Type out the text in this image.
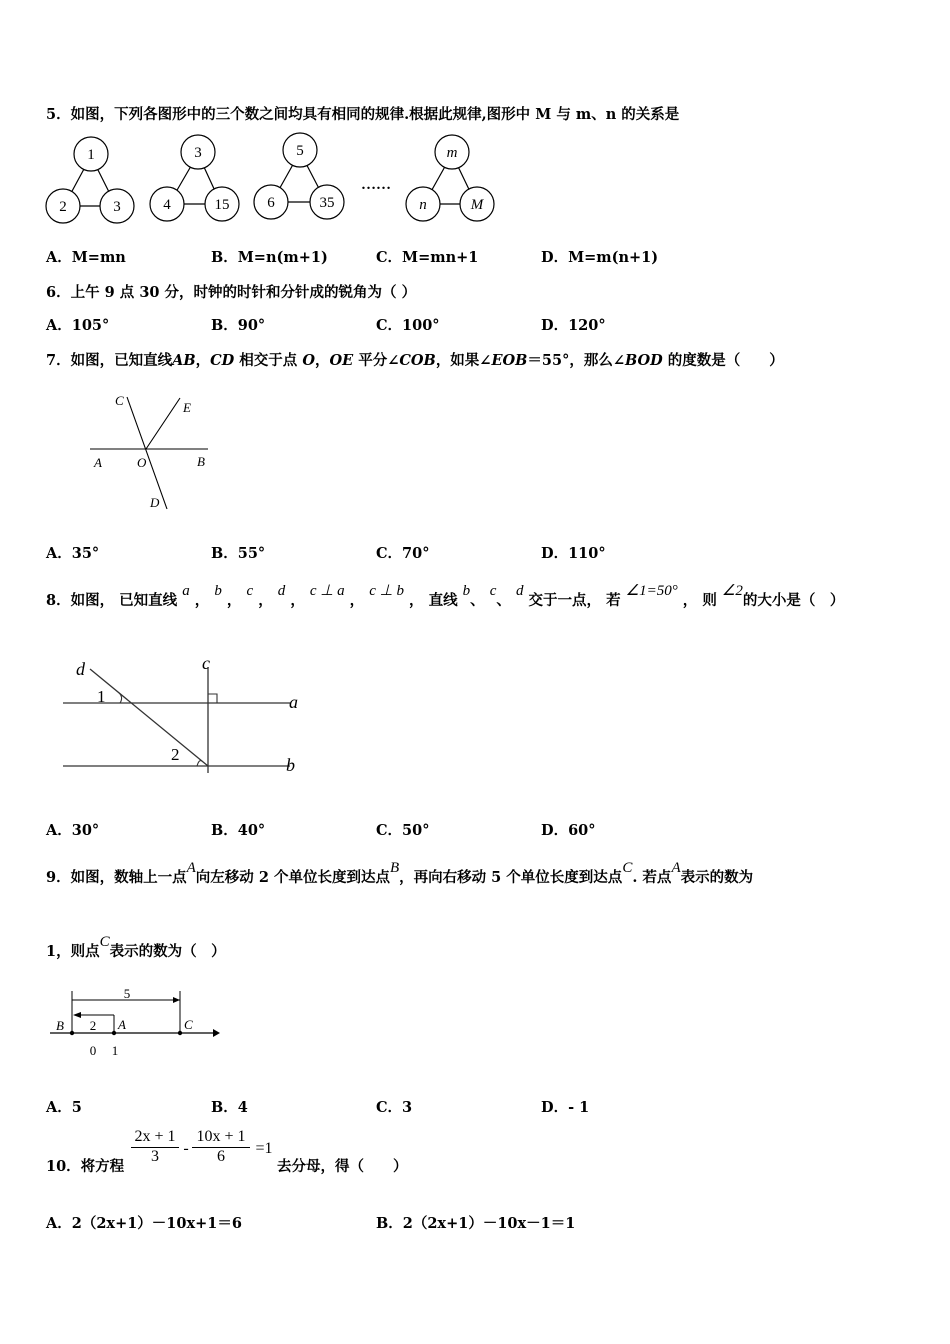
5．如图，下列各图形中的三个数之间均具有相同的规律.根据此规律,图形中 M 与 m、n 的关系是
1
2	3
3
4	15
5
6	35
……
m
n	M
A．M=mn	B．M=n(m+1)	C．M=mn+1	D．M=m(n+1)
6．上午 9 点 30 分，时钟的时针和分针成的锐角为（ ）
A．105°	B．90°	C．100°	D．120°
7．如图，已知直线AB，CD 相交于点 O，OE 平分∠COB，如果∠EOB＝55°，那么∠BOD 的度数是（　　）
C	E
A	O	B
D
A．35°	B．55°	C．70°	D．110°
8．如图， 已知直线 a ， b ， c ， d ， c ⊥ a ， c ⊥ b ， 直线 b、 c、 d 交于一点， 若 ∠1=50° ， 则 ∠2的大小是（　）
d	c
1
2
a
b
A．30°	B．40°	C．50°	D．60°
9．如图，数轴上一点A向左移动 2 个单位长度到达点B，再向右移动 5 个单位长度到达点C. 若点A表示的数为
1，则点C表示的数为（　）
5
2
B	A	C
0 1
A．5	B．4	C．3	D．- 1
10．将方程
$\frac{2x + 1}{3} - \frac{10x + 1}{6} =1$
去分母，得（　　）
A．2（2x+1）－10x+1＝6	B．2（2x+1）－10x－1＝1
